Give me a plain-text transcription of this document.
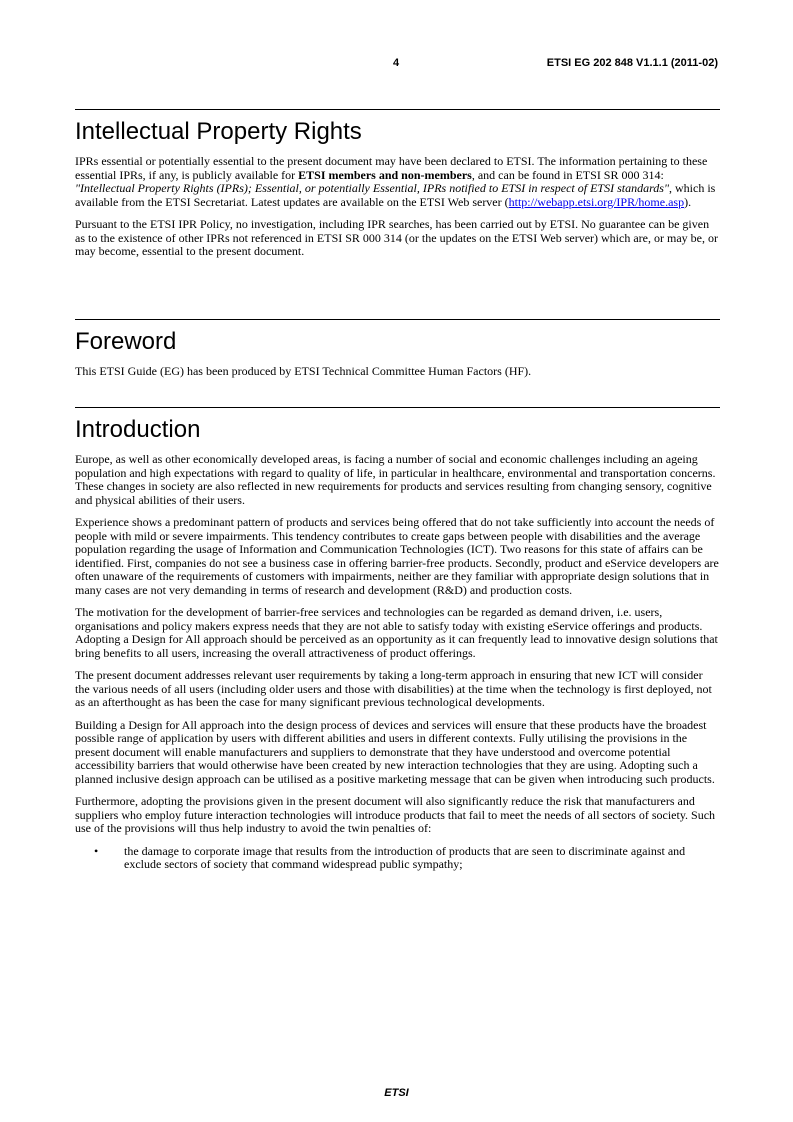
4	ETSI EG 202 848 V1.1.1 (2011-02)
Intellectual Property Rights

IPRs essential or potentially essential to the present document may have been declared to ETSI. The information pertaining to these essential IPRs, if any, is publicly available for ETSI members and non-members, and can be found in ETSI SR 000 314: "Intellectual Property Rights (IPRs); Essential, or potentially Essential, IPRs notified to ETSI in respect of ETSI standards", which is available from the ETSI Secretariat. Latest updates are available on the ETSI Web server (http://webapp.etsi.org/IPR/home.asp).

Pursuant to the ETSI IPR Policy, no investigation, including IPR searches, has been carried out by ETSI. No guarantee can be given as to the existence of other IPRs not referenced in ETSI SR 000 314 (or the updates on the ETSI Web server) which are, or may be, or may become, essential to the present document.

Foreword

This ETSI Guide (EG) has been produced by ETSI Technical Committee Human Factors (HF).

Introduction

Europe, as well as other economically developed areas, is facing a number of social and economic challenges including an ageing population and high expectations with regard to quality of life, in particular in healthcare, environmental and transportation concerns. These changes in society are also reflected in new requirements for products and services resulting from changing sensory, cognitive and physical abilities of their users.

Experience shows a predominant pattern of products and services being offered that do not take sufficiently into account the needs of people with mild or severe impairments. This tendency contributes to create gaps between people with disabilities and the average population regarding the usage of Information and Communication Technologies (ICT). Two reasons for this state of affairs can be identified. First, companies do not see a business case in offering barrier-free products. Secondly, product and eService developers are often unaware of the requirements of customers with impairments, neither are they familiar with appropriate design solutions that in many cases are not very demanding in terms of research and development (R&D) and production costs.

The motivation for the development of barrier-free services and technologies can be regarded as demand driven, i.e. users, organisations and policy makers express needs that they are not able to satisfy today with existing eService offerings and products. Adopting a Design for All approach should be perceived as an opportunity as it can frequently lead to innovative design solutions that bring benefits to all users, increasing the overall attractiveness of product offerings.

The present document addresses relevant user requirements by taking a long-term approach in ensuring that new ICT will consider the various needs of all users (including older users and those with disabilities) at the time when the technology is first deployed, not as an afterthought as has been the case for many significant previous technological developments.

Building a Design for All approach into the design process of devices and services will ensure that these products have the broadest possible range of application by users with different abilities and users in different contexts. Fully utilising the provisions in the present document will enable manufacturers and suppliers to demonstrate that they have understood and overcome potential accessibility barriers that would otherwise have been created by new interaction technologies that they are using. Adopting such a planned inclusive design approach can be utilised as a positive marketing message that can be given when introducing such products.

Furthermore, adopting the provisions given in the present document will also significantly reduce the risk that manufacturers and suppliers who employ future interaction technologies will introduce products that fail to meet the needs of all sectors of society. Such use of the provisions will thus help industry to avoid the twin penalties of:

• the damage to corporate image that results from the introduction of products that are seen to discriminate against and exclude sectors of society that command widespread public sympathy;
ETSI
